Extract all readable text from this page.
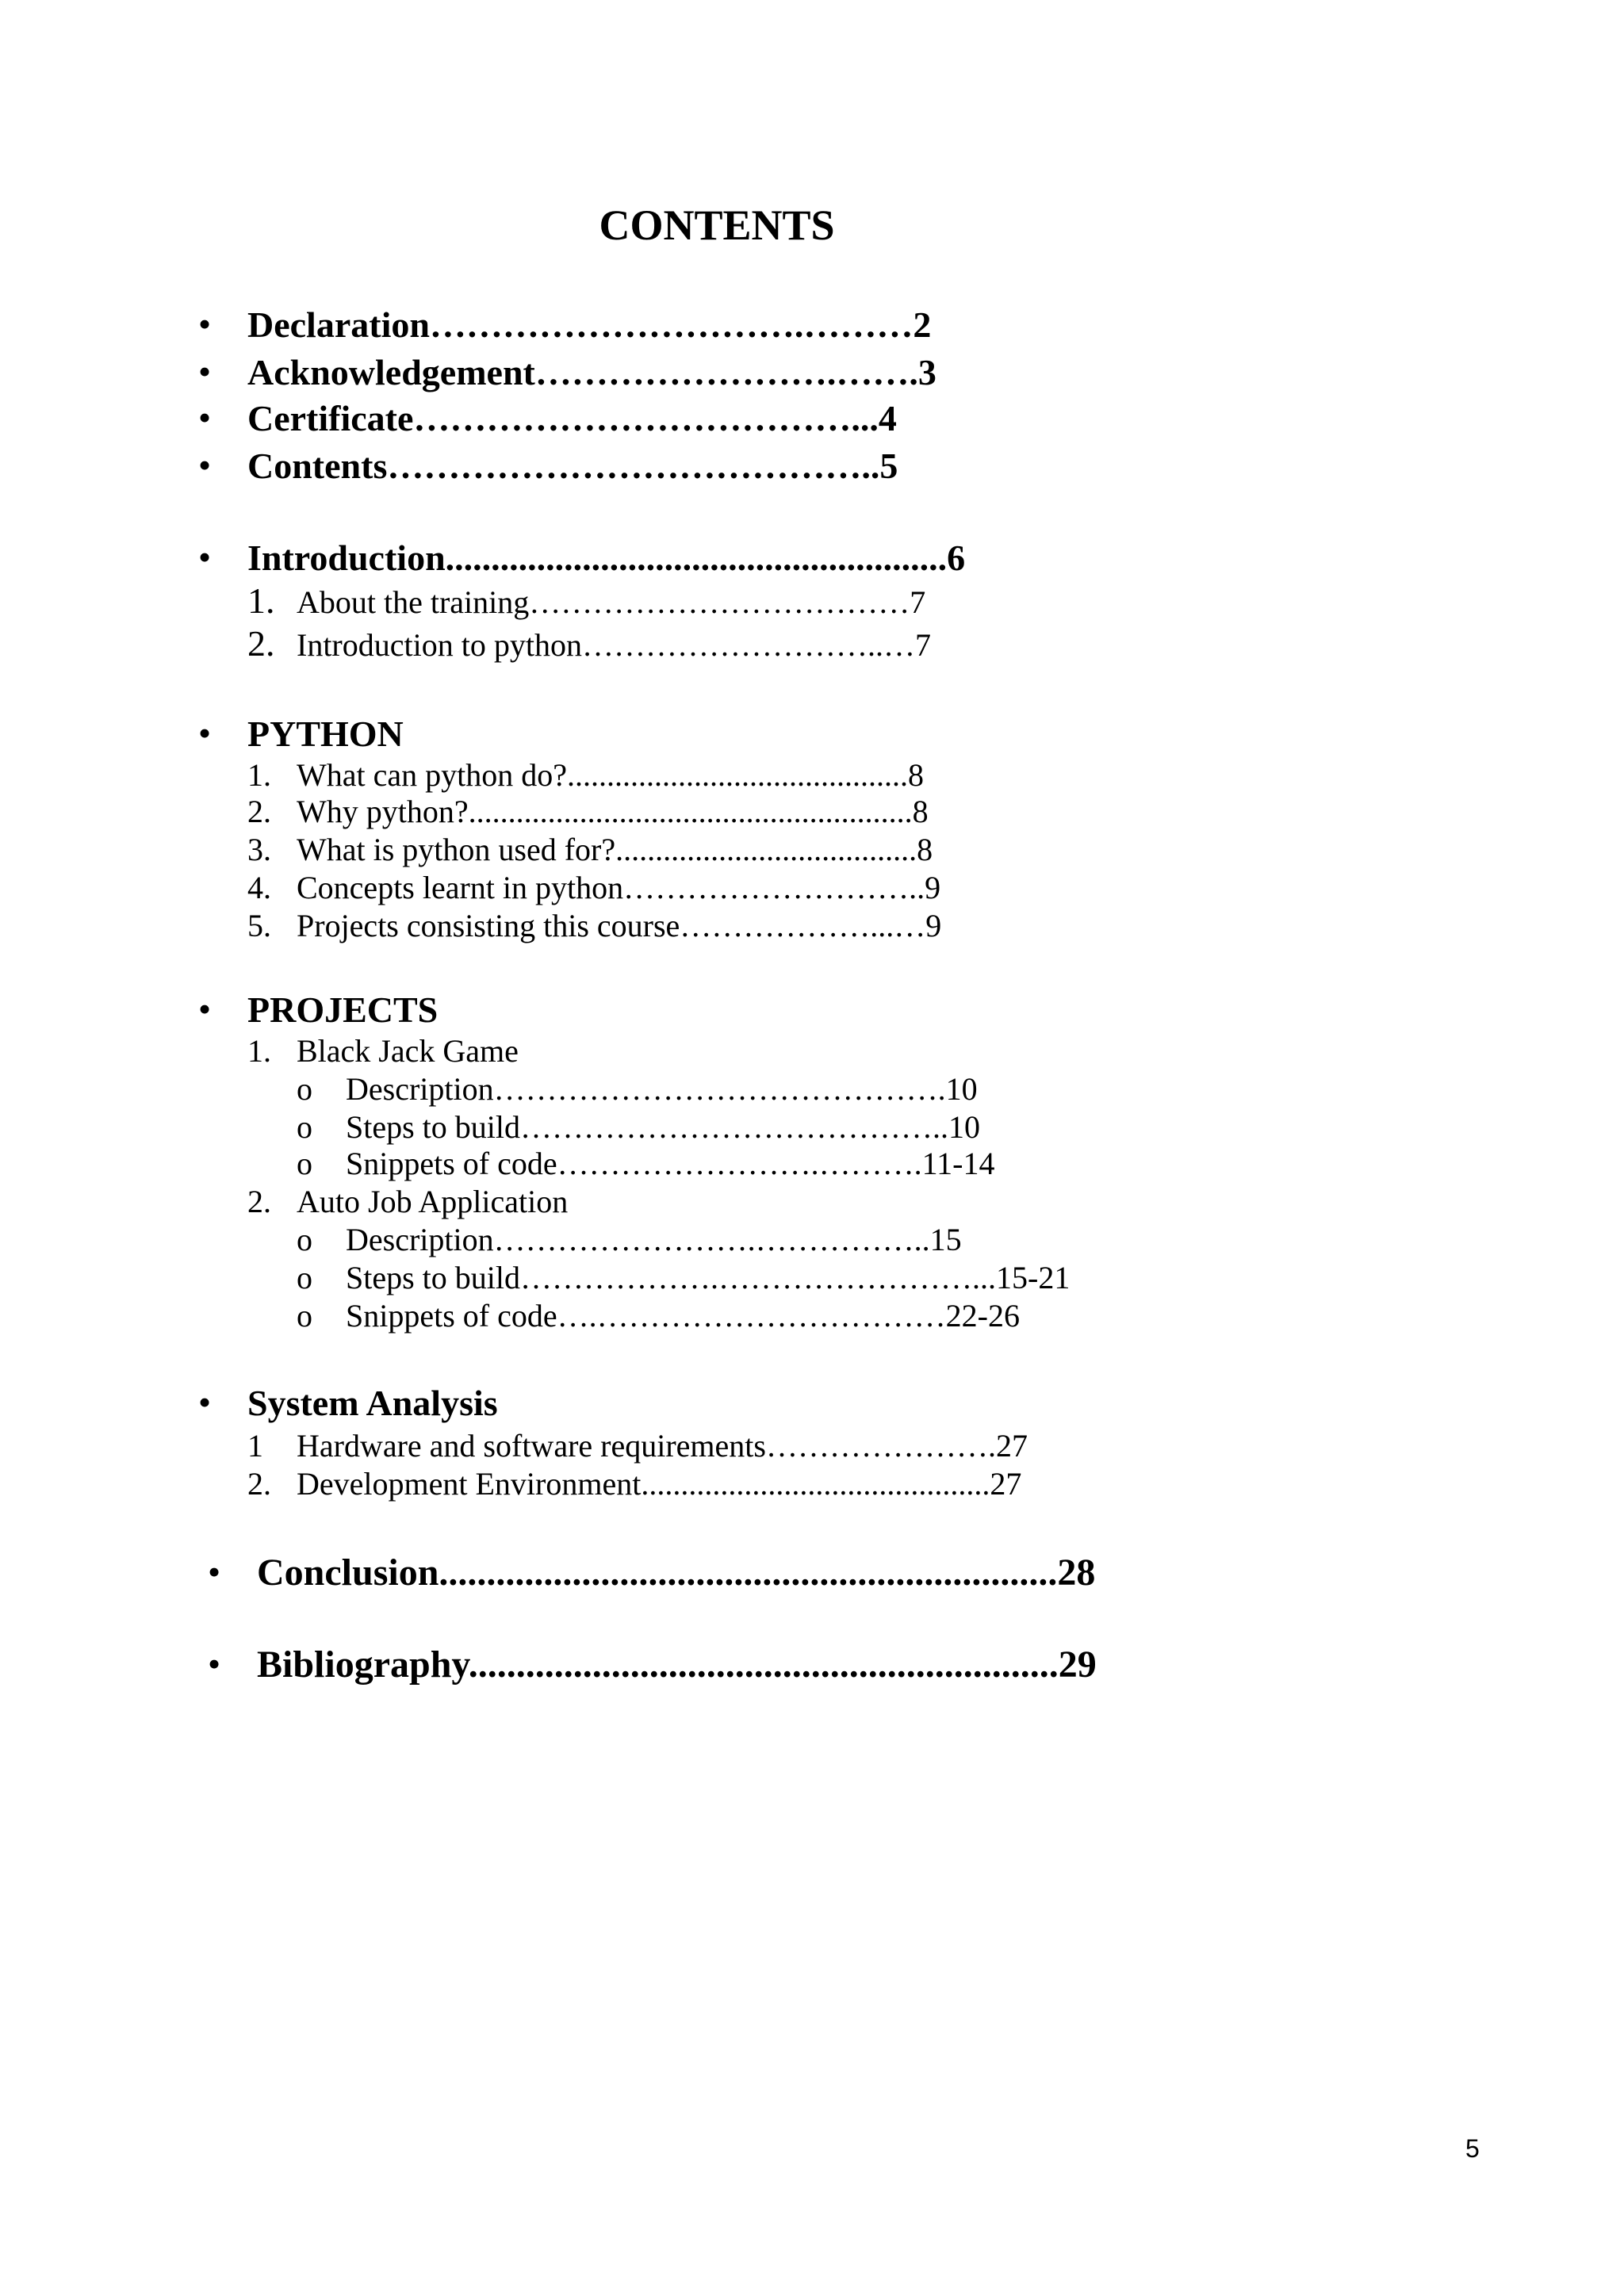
CONTENTS
• Declaration………………………….………2
• Acknowledgement…………………….…….3
• Certificate………………………………...4
• Contents…………………………………..5
• Introduction.......................................................6
1. About the training………………………………7
2. Introduction to python………………………..…7
• PYTHON
1. What can python do?...........................................8
2. Why python?........................................................8
3. What is python used for?......................................8
4. Concepts learnt in python………………………..9
5. Projects consisting this course………………...…9
• PROJECTS
1. Black Jack Game
o Description…………………………………….10
o Steps to build…………………………………..10
o Snippets of code…………………….……….11-14
2. Auto Job Application
o Description…………………….……………..15
o Steps to build……………….……………………...15-21
o Snippets of code….……………………………22-26
• System Analysis
1 Hardware and software requirements………………….27
2. Development Environment............................................27
• Conclusion.................................................................28
• Bibliography..............................................................29
5
